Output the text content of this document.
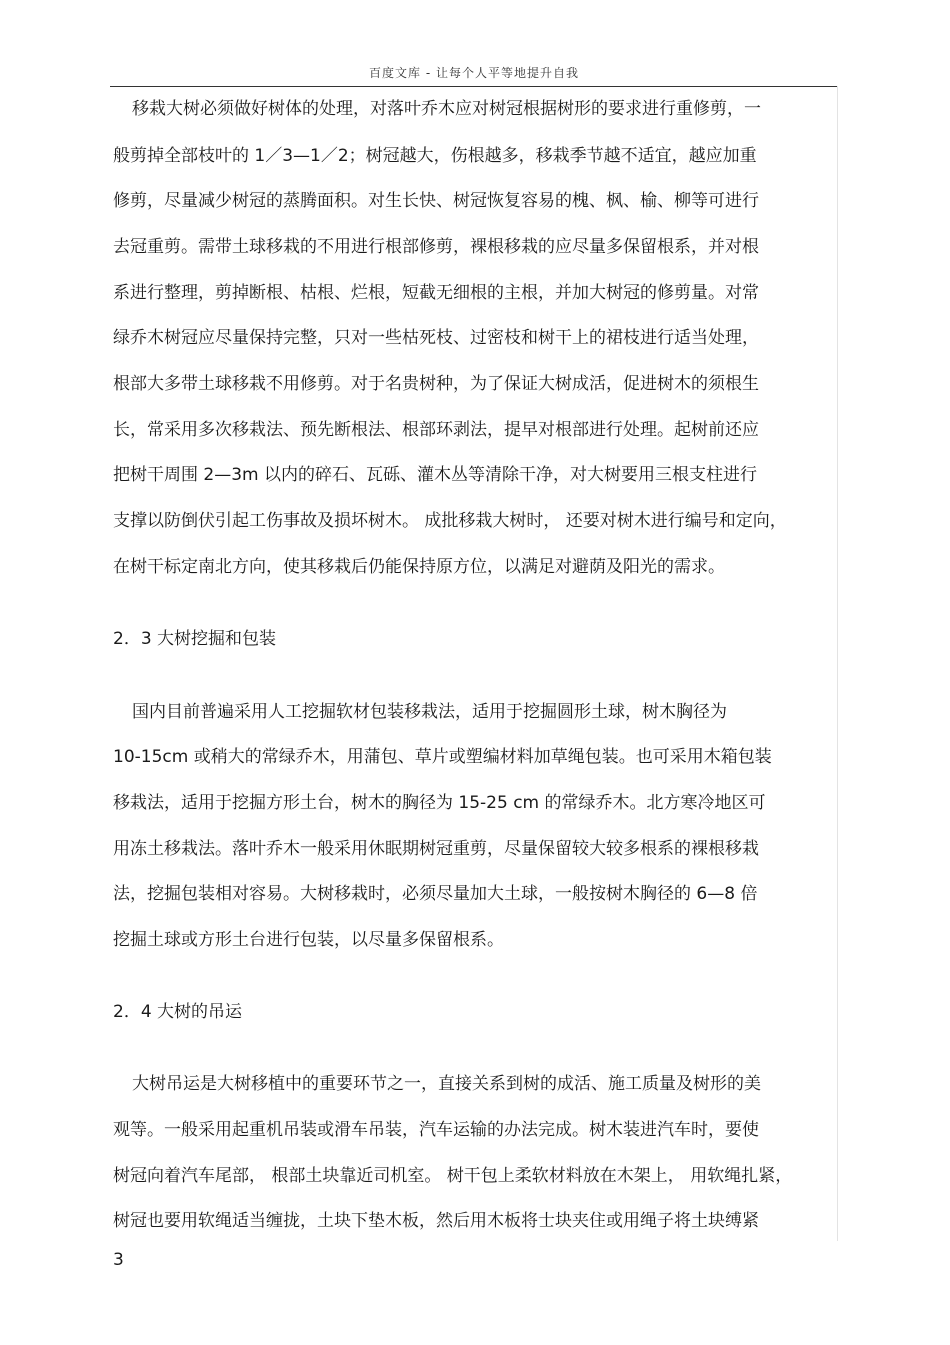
百度文库 - 让每个人平等地提升自我

移栽大树必须做好树体的处理，对落叶乔木应对树冠根据树形的要求进行重修剪，一

般剪掉全部枝叶的 1／3—1／2；树冠越大，伤根越多，移栽季节越不适宜，越应加重

修剪，尽量减少树冠的蒸腾面积。对生长快、树冠恢复容易的槐、枫、榆、柳等可进行

去冠重剪。需带土球移栽的不用进行根部修剪，裸根移栽的应尽量多保留根系，并对根

系进行整理，剪掉断根、枯根、烂根，短截无细根的主根，并加大树冠的修剪量。对常

绿乔木树冠应尽量保持完整，只对一些枯死枝、过密枝和树干上的裙枝进行适当处理，

根部大多带土球移栽不用修剪。对于名贵树种，为了保证大树成活，促进树木的须根生

长，常采用多次移栽法、预先断根法、根部环剥法，提早对根部进行处理。起树前还应

把树干周围 2—3m 以内的碎石、瓦砾、灌木丛等清除干净，对大树要用三根支柱进行

支撑以防倒伏引起工伤事故及损坏树木。 成批移栽大树时， 还要对树木进行编号和定向，

在树干标定南北方向，使其移栽后仍能保持原方位，以满足对避荫及阳光的需求。

2．3 大树挖掘和包装

国内目前普遍采用人工挖掘软材包装移栽法，适用于挖掘圆形土球，树木胸径为

10-15cm 或稍大的常绿乔木，用蒲包、草片或塑编材料加草绳包装。也可采用木箱包装

移栽法，适用于挖掘方形土台，树木的胸径为 15-25 cm 的常绿乔木。北方寒冷地区可

用冻土移栽法。落叶乔木一般采用休眠期树冠重剪，尽量保留较大较多根系的裸根移栽

法，挖掘包装相对容易。大树移栽时，必须尽量加大土球，一般按树木胸径的 6—8 倍

挖掘土球或方形土台进行包装，以尽量多保留根系。

2．4 大树的吊运

大树吊运是大树移植中的重要环节之一，直接关系到树的成活、施工质量及树形的美

观等。一般采用起重机吊装或滑车吊装，汽车运输的办法完成。树木装进汽车时，要使

树冠向着汽车尾部， 根部土块靠近司机室。 树干包上柔软材料放在木架上， 用软绳扎紧，

树冠也要用软绳适当缠拢，土块下垫木板，然后用木板将士块夹住或用绳子将土块缚紧

3
